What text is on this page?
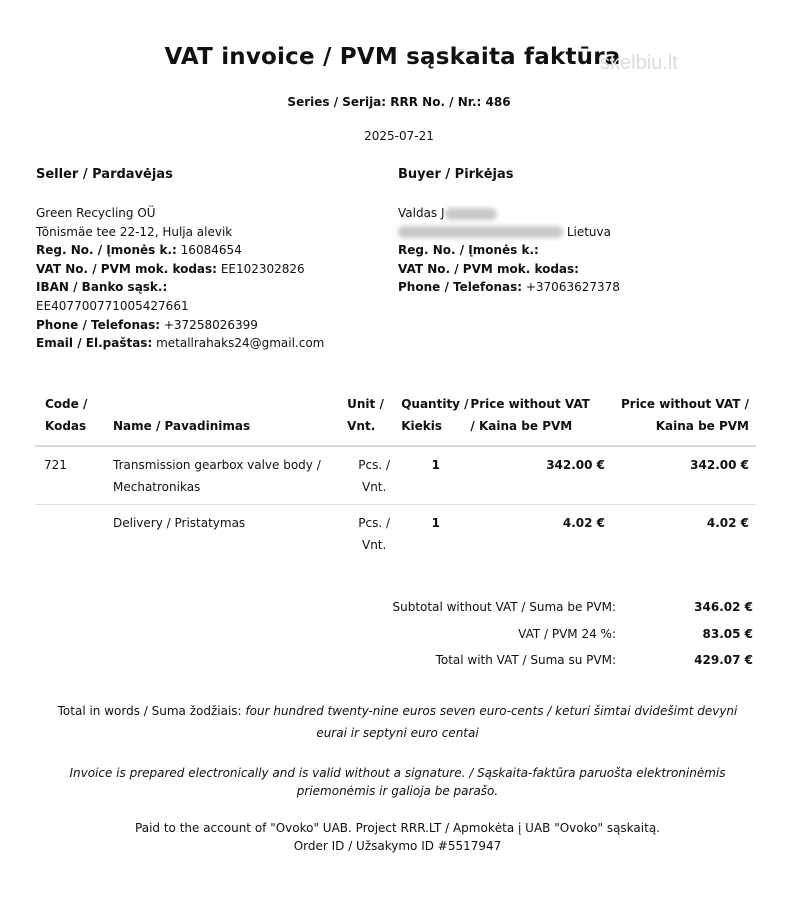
VAT invoice / PVM sąskaita faktūra
skelbiu.lt
Series / Serija: RRR No. / Nr.: 486
2025-07-21
Seller / Pardavėjas
Green Recycling OÜ
Tõnismäe tee 22-12, Hulja alevik
Reg. No. / Įmonės k.: 16084654
VAT No. / PVM mok. kodas: EE102302826
IBAN / Banko sąsk.:
EE407700771005427661
Phone / Telefonas: +37258026399
Email / El.paštas: metallrahaks24@gmail.com
Buyer / Pirkėjas
Valdas J
Lietuva
Reg. No. / Įmonės k.:
VAT No. / PVM mok. kodas:
Phone / Telefonas: +37063627378
Code / Kodas	Name / Pavadinimas	Unit / Vnt.	Quantity / Kiekis	Price without VAT / Kaina be PVM	Price without VAT / Kaina be PVM
721	Transmission gearbox valve body / Mechatronikas	Pcs. / Vnt.	1	342.00 €	342.00 €
	Delivery / Pristatymas	Pcs. / Vnt.	1	4.02 €	4.02 €
Subtotal without VAT / Suma be PVM:	346.02 €
VAT / PVM 24 %:	83.05 €
Total with VAT / Suma su PVM:	429.07 €
Total in words / Suma žodžiais: four hundred twenty-nine euros seven euro-cents / keturi šimtai dvidešimt devyni eurai ir septyni euro centai
Invoice is prepared electronically and is valid without a signature. / Sąskaita-faktūra paruošta elektroninėmis priemonėmis ir galioja be parašo.
Paid to the account of "Ovoko" UAB. Project RRR.LT / Apmokėta į UAB "Ovoko" sąskaitą.
Order ID / Užsakymo ID #5517947
